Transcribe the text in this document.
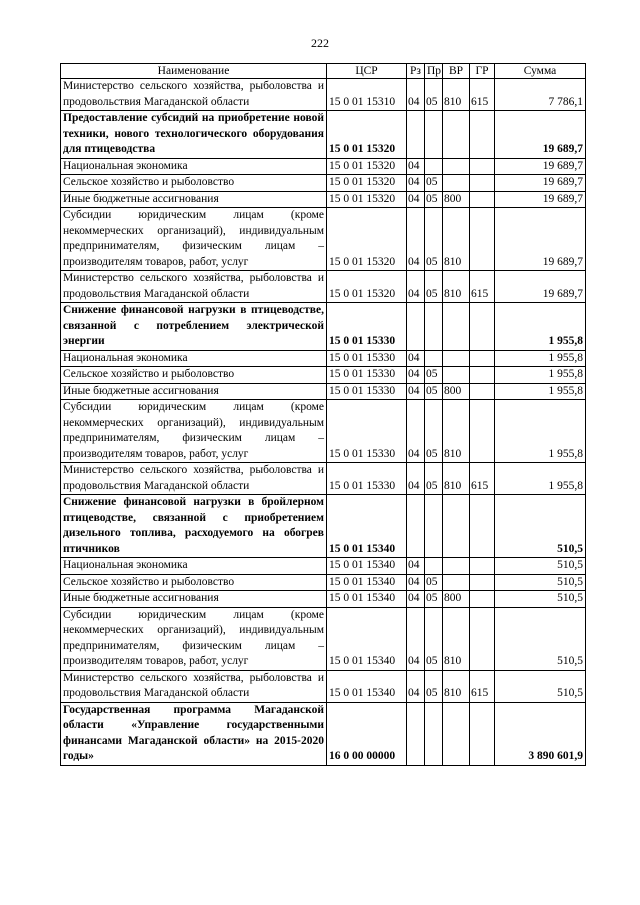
222
Наименование	ЦСР	Рз	Пр	ВР	ГР	Сумма
Министерство сельского хозяйства, рыболовства и продовольствия Магаданской области	15 0 01 15310	04	05	810	615	7 786,1
Предоставление субсидий на приобретение новой техники, нового технологического оборудования для птицеводства	15 0 01 15320					19 689,7
Национальная экономика	15 0 01 15320	04				19 689,7
Сельское хозяйство и рыболовство	15 0 01 15320	04	05			19 689,7
Иные бюджетные ассигнования	15 0 01 15320	04	05	800		19 689,7
Субсидии юридическим лицам (кроме некоммерческих организаций), индивидуальным предпринимателям, физическим лицам – производителям товаров, работ, услуг	15 0 01 15320	04	05	810		19 689,7
Министерство сельского хозяйства, рыболовства и продовольствия Магаданской области	15 0 01 15320	04	05	810	615	19 689,7
Снижение финансовой нагрузки в птицеводстве, связанной с потреблением электрической энергии	15 0 01 15330					1 955,8
Национальная экономика	15 0 01 15330	04				1 955,8
Сельское хозяйство и рыболовство	15 0 01 15330	04	05			1 955,8
Иные бюджетные ассигнования	15 0 01 15330	04	05	800		1 955,8
Субсидии юридическим лицам (кроме некоммерческих организаций), индивидуальным предпринимателям, физическим лицам – производителям товаров, работ, услуг	15 0 01 15330	04	05	810		1 955,8
Министерство сельского хозяйства, рыболовства и продовольствия Магаданской области	15 0 01 15330	04	05	810	615	1 955,8
Снижение финансовой нагрузки в бройлерном птицеводстве, связанной с приобретением дизельного топлива, расходуемого на обогрев птичников	15 0 01 15340					510,5
Национальная экономика	15 0 01 15340	04				510,5
Сельское хозяйство и рыболовство	15 0 01 15340	04	05			510,5
Иные бюджетные ассигнования	15 0 01 15340	04	05	800		510,5
Субсидии юридическим лицам (кроме некоммерческих организаций), индивидуальным предпринимателям, физическим лицам – производителям товаров, работ, услуг	15 0 01 15340	04	05	810		510,5
Министерство сельского хозяйства, рыболовства и продовольствия Магаданской области	15 0 01 15340	04	05	810	615	510,5
Государственная программа Магаданской области «Управление государственными финансами Магаданской области» на 2015-2020 годы»	16 0 00 00000					3 890 601,9
